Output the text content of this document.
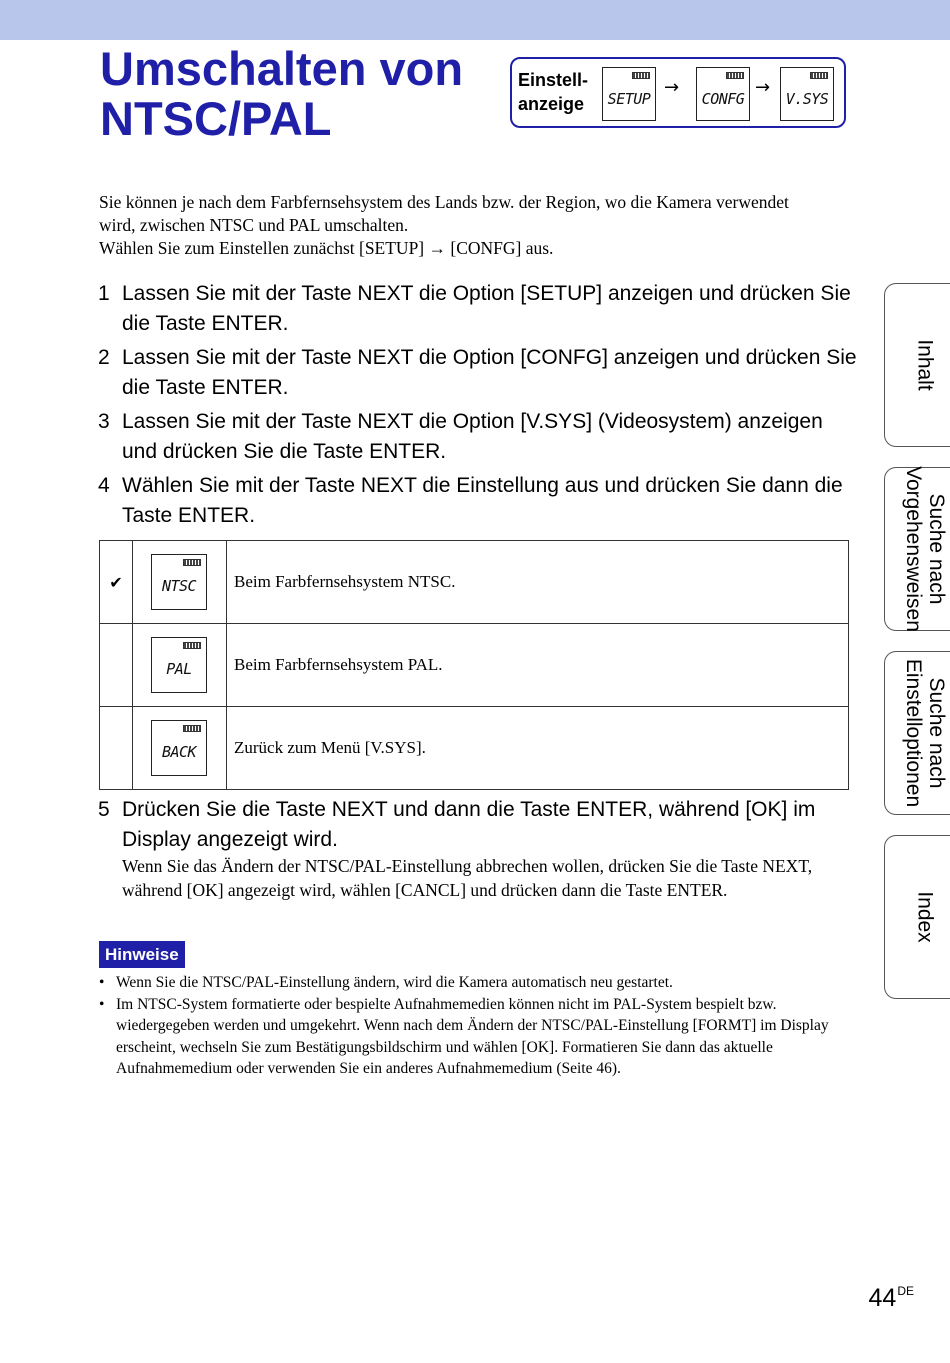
Umschalten von
NTSC/PAL
Einstell-
anzeige SETUP
→
CONFG
→
V.SYS

Sie können je nach dem Farbfernsehsystem des Lands bzw. der Region, wo die Kamera verwendet wird, zwischen NTSC und PAL umschalten.

Wählen Sie zum Einstellen zunächst [SETUP] → [CONFG] aus.

1 Lassen Sie mit der Taste NEXT die Option [SETUP] anzeigen und drücken Sie die Taste ENTER.
2 Lassen Sie mit der Taste NEXT die Option [CONFG] anzeigen und drücken Sie die Taste ENTER.
3 Lassen Sie mit der Taste NEXT die Option [V.SYS] (Videosystem) anzeigen und drücken Sie die Taste ENTER.
4 Wählen Sie mit der Taste NEXT die Einstellung aus und drücken Sie dann die Taste ENTER.
✔	NTSC	Beim Farbfernsehsystem NTSC.

	PAL	Beim Farbfernsehsystem PAL.

	BACK	Zurück zum Menü [V.SYS].
5 Drücken Sie die Taste NEXT und dann die Taste ENTER, während [OK] im Display angezeigt wird.
Wenn Sie das Ändern der NTSC/PAL-Einstellung abbrechen wollen, drücken Sie die Taste NEXT, während [OK] angezeigt wird, wählen [CANCL] und drücken dann die Taste ENTER.
Hinweise
• Wenn Sie die NTSC/PAL-Einstellung ändern, wird die Kamera automatisch neu gestartet.
• Im NTSC-System formatierte oder bespielte Aufnahmemedien können nicht im PAL-System bespielt bzw. wiedergegeben werden und umgekehrt. Wenn nach dem Ändern der NTSC/PAL-Einstellung [FORMT] im Display erscheint, wechseln Sie zum Bestätigungsbildschirm und wählen [OK]. Formatieren Sie dann das aktuelle Aufnahmemedium oder verwenden Sie ein anderes Aufnahmemedium (Seite 46).
Inhalt
Suche nach
Vorgehensweisen
Suche nach
Einstelloptionen
Index
44DE
